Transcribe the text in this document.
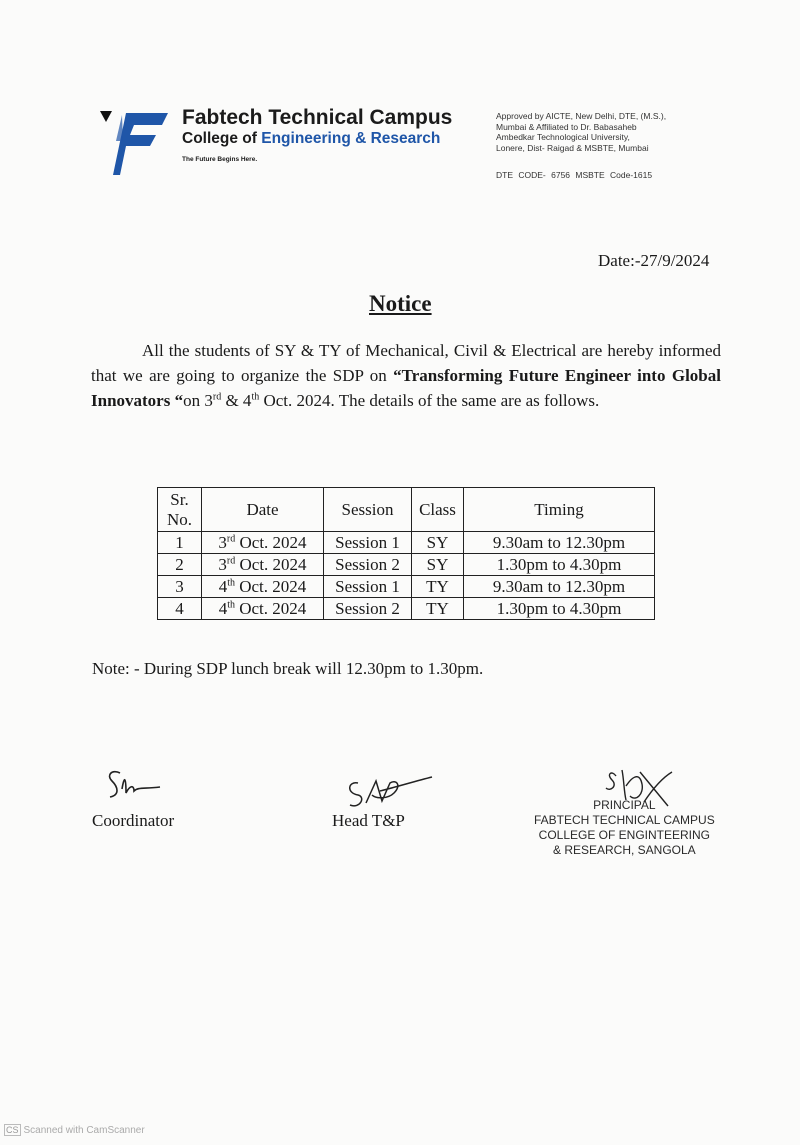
Fabtech Technical Campus
College of Engineering & Research
The Future Begins Here.
Approved by AICTE, New Delhi, DTE, (M.S.),
Mumbai & Affiliated to Dr. Babasaheb
Ambedkar Technological University,
Lonere, Dist- Raigad & MSBTE, Mumbai
DTE CODE- 6756 MSBTE Code-1615
Date:-27/9/2024
Notice

All the students of SY & TY of Mechanical, Civil & Electrical are hereby informed that we are going to organize the SDP on “Transforming Future Engineer into Global Innovators “on 3rd & 4th Oct. 2024. The details of the same are as follows.

Sr.
No.	Date	Session	Class	Timing
1	3rd Oct. 2024	Session 1	SY	9.30am to 12.30pm
2	3rd Oct. 2024	Session 2	SY	1.30pm to 4.30pm
3	4th Oct. 2024	Session 1	TY	9.30am to 12.30pm
4	4th Oct. 2024	Session 2	TY	1.30pm to 4.30pm
Note: - During SDP lunch break will 12.30pm to 1.30pm.
Coordinator	Head T&P
PRINCIPAL
FABTECH TECHNICAL CAMPUS
COLLEGE OF ENGINTEERING
& RESEARCH, SANGOLA
CS Scanned with CamScanner
